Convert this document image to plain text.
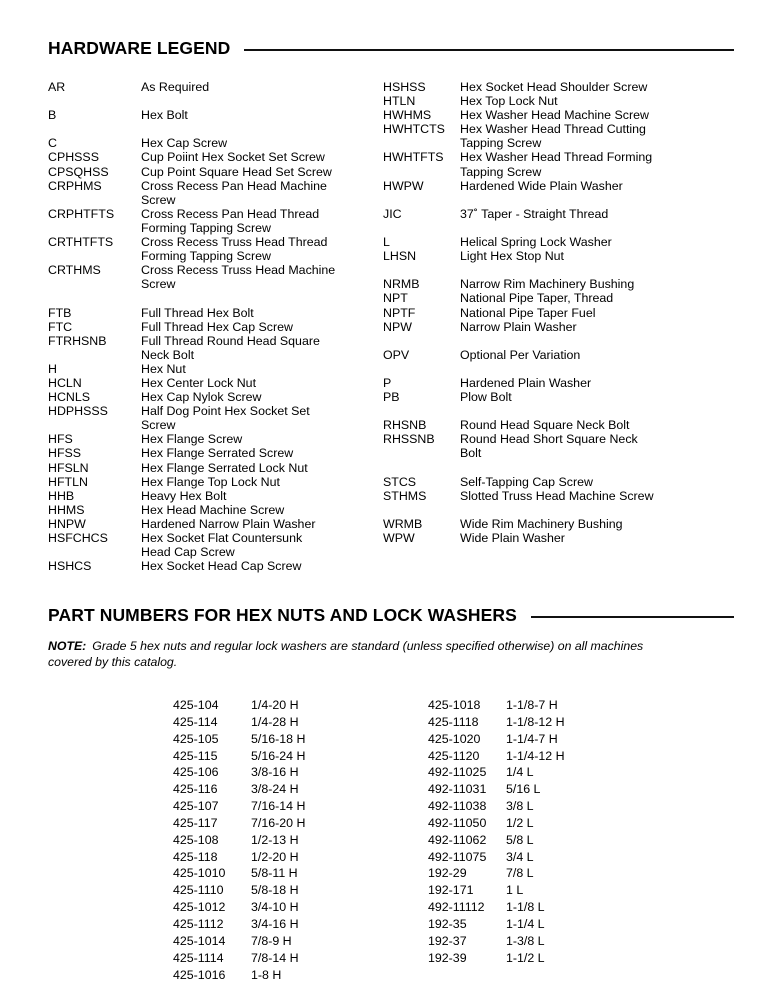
HARDWARE LEGEND
AR	As Required
B	Hex Bolt
C	Hex Cap Screw
CPHSSS	Cup Poiint Hex Socket Set Screw
CPSQHSS	Cup Point Square Head Set Screw
CRPHMS	Cross Recess Pan Head Machine
Screw
CRPHTFTS	Cross Recess Pan Head Thread
Forming Tapping Screw
CRTHTFTS	Cross Recess Truss Head Thread
Forming Tapping Screw
CRTHMS	Cross Recess Truss Head Machine
Screw
FTB	Full Thread Hex Bolt
FTC	Full Thread Hex Cap Screw
FTRHSNB	Full Thread Round Head Square
Neck Bolt
H	Hex Nut
HCLN	Hex Center Lock Nut
HCNLS	Hex Cap Nylok Screw
HDPHSSS	Half Dog Point Hex Socket Set
Screw
HFS	Hex Flange Screw
HFSS	Hex Flange Serrated Screw
HFSLN	Hex Flange Serrated Lock Nut
HFTLN	Hex Flange Top Lock Nut
HHB	Heavy Hex Bolt
HHMS	Hex Head Machine Screw
HNPW	Hardened Narrow Plain Washer
HSFCHCS	Hex Socket Flat Countersunk
Head Cap Screw
HSHCS	Hex Socket Head Cap Screw
HSHSS	Hex Socket Head Shoulder Screw
HTLN	Hex Top Lock Nut
HWHMS	Hex Washer Head Machine Screw
HWHTCTS	Hex Washer Head Thread Cutting
Tapping Screw
HWHTFTS	Hex Washer Head Thread Forming
Tapping Screw
HWPW	Hardened Wide Plain Washer
JIC	37˚ Taper - Straight Thread
L	Helical Spring Lock Washer
LHSN	Light Hex Stop Nut
NRMB	Narrow Rim Machinery Bushing
NPT	National Pipe Taper, Thread
NPTF	National Pipe Taper Fuel
NPW	Narrow Plain Washer
OPV	Optional Per Variation
P	Hardened Plain Washer
PB	Plow Bolt
RHSNB	Round Head Square Neck Bolt
RHSSNB	Round Head Short Square Neck
Bolt
STCS	Self-Tapping Cap Screw
STHMS	Slotted Truss Head Machine Screw
WRMB	Wide Rim Machinery Bushing
WPW	Wide Plain Washer
PART NUMBERS FOR HEX NUTS AND LOCK WASHERS
NOTE: Grade 5 hex nuts and regular lock washers are standard (unless specified otherwise) on all machines covered by this catalog.
425-104	1/4-20 H
425-114	1/4-28 H
425-105	5/16-18 H
425-115	5/16-24 H
425-106	3/8-16 H
425-116	3/8-24 H
425-107	7/16-14 H
425-117	7/16-20 H
425-108	1/2-13 H
425-118	1/2-20 H
425-1010	5/8-11 H
425-1110	5/8-18 H
425-1012	3/4-10 H
425-1112	3/4-16 H
425-1014	7/8-9 H
425-1114	7/8-14 H
425-1016	1-8 H
425-1018	1-1/8-7 H
425-1118	1-1/8-12 H
425-1020	1-1/4-7 H
425-1120	1-1/4-12 H
492-11025	1/4 L
492-11031	5/16 L
492-11038	3/8 L
492-11050	1/2 L
492-11062	5/8 L
492-11075	3/4 L
192-29	7/8 L
192-171	1 L
492-11112	1-1/8 L
192-35	1-1/4 L
192-37	1-3/8 L
192-39	1-1/2 L
